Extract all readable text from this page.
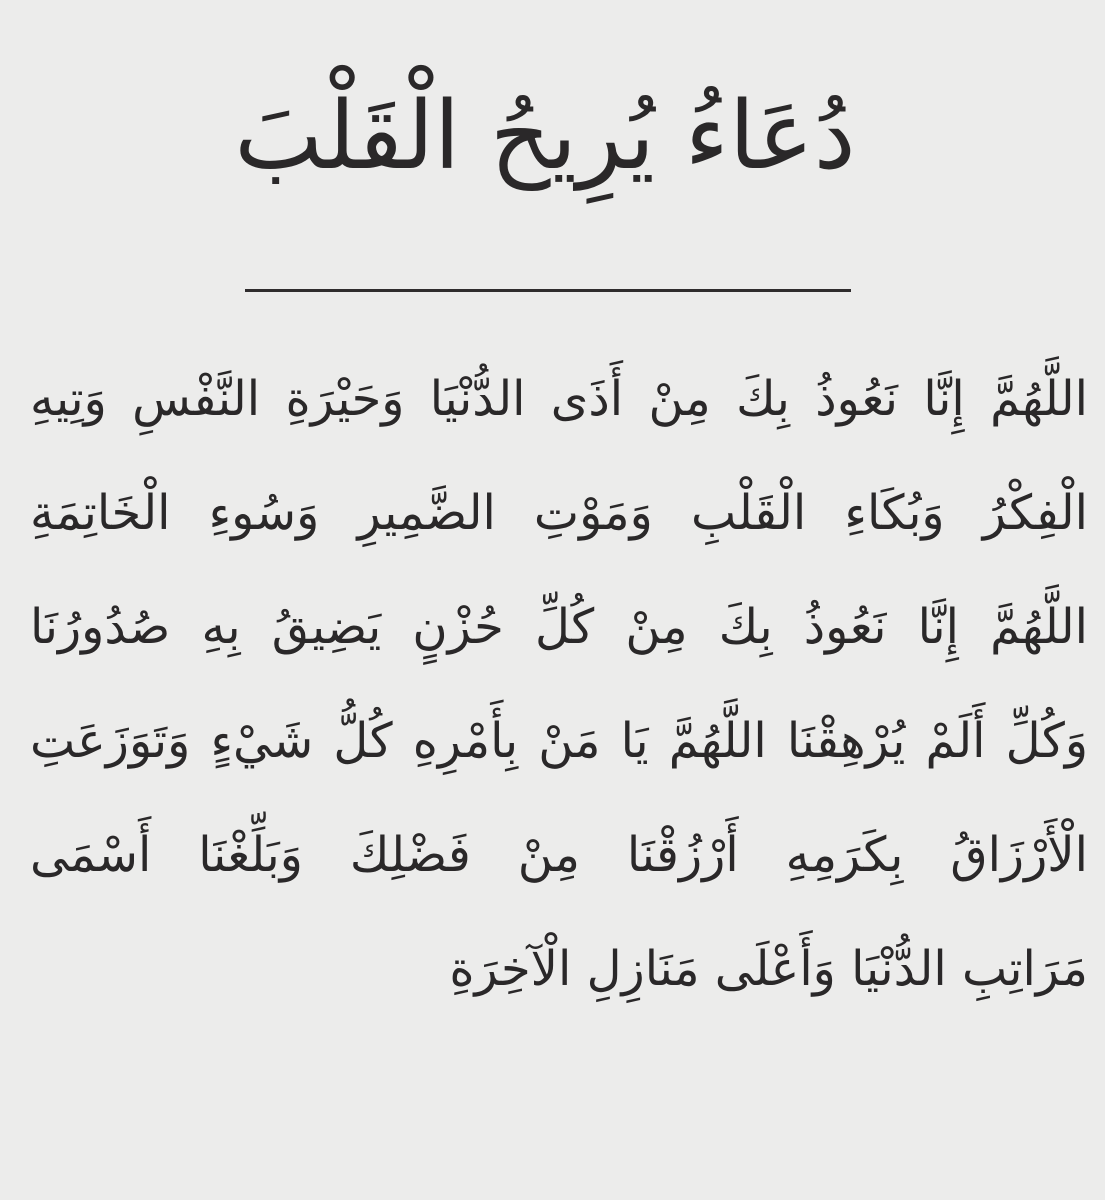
دُعَاءُ يُرِيحُ الْقَلْبَ
اللَّهُمَّ إِنَّا نَعُوذُ بِكَ مِنْ أَذَى الدُّنْيَا وَحَيْرَةِ النَّفْسِ وَتِيهِ
الْفِكْرُ وَبُكَاءِ الْقَلْبِ وَمَوْتِ الضَّمِيرِ وَسُوءِ الْخَاتِمَةِ
اللَّهُمَّ إِنَّا نَعُوذُ بِكَ مِنْ كُلِّ حُزْنٍ يَضِيقُ بِهِ صُدُورُنَا
وَكُلِّ أَلَمْ يُرْهِقْنَا اللَّهُمَّ يَا مَنْ بِأَمْرِهِ كُلُّ شَيْءٍ وَتَوَزَعَتِ
الْأَرْزَاقُ بِكَرَمِهِ أَرْزُقْنَا مِنْ فَضْلِكَ وَبَلِّغْنَا أَسْمَى
مَرَاتِبِ الدُّنْيَا وَأَعْلَى مَنَازِلِ الْآخِرَةِ
